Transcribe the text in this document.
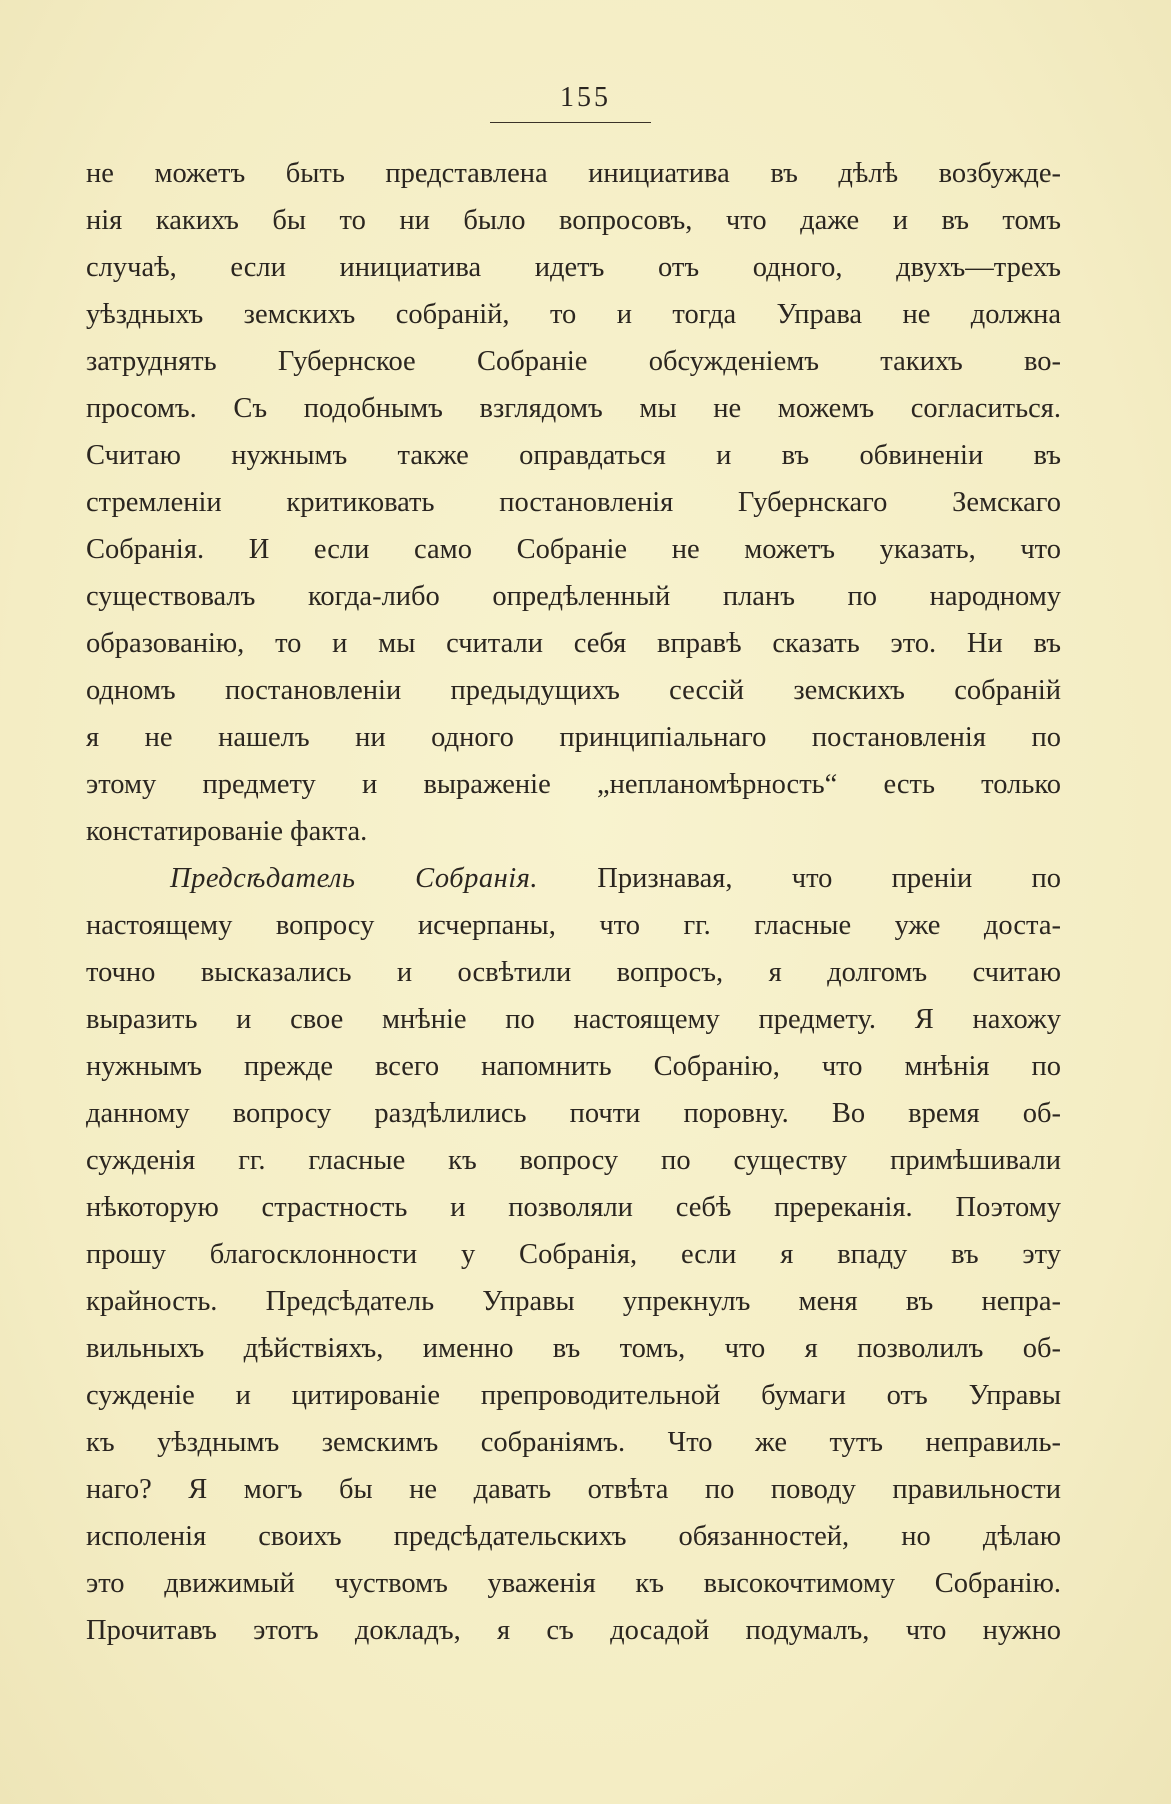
155
не можетъ быть представлена инициатива въ дѣлѣ возбужде-
нія какихъ бы то ни было вопросовъ, что даже и въ томъ
случаѣ, если инициатива идетъ отъ одного, двухъ—трехъ
уѣздныхъ земскихъ собраній, то и тогда Управа не должна
затруднять Губернское Собраніе обсужденіемъ такихъ во-
просомъ. Съ подобнымъ взглядомъ мы не можемъ согласиться.
Считаю нужнымъ также оправдаться и въ обвиненіи въ
стремленіи критиковать постановленія Губернскаго Земскаго
Собранія. И если само Собраніе не можетъ указать, что
существовалъ когда-либо опредѣленный планъ по народному
образованію, то и мы считали себя вправѣ сказать это. Ни въ
одномъ постановленіи предыдущихъ сессій земскихъ собраній
я не нашелъ ни одного принципіальнаго постановленія по
этому предмету и выраженіе „непланомѣрность“ есть только
констатированіе факта.
Предсѣдатель Собранія. Признавая, что преніи по
настоящему вопросу исчерпаны, что гг. гласные уже доста-
точно высказались и освѣтили вопросъ, я долгомъ считаю
выразить и свое мнѣніе по настоящему предмету. Я нахожу
нужнымъ прежде всего напомнить Собранію, что мнѣнія по
данному вопросу раздѣлились почти поровну. Во время об-
сужденія гг. гласные къ вопросу по существу примѣшивали
нѣкоторую страстность и позволяли себѣ пререканія. Поэтому
прошу благосклонности у Собранія, если я впаду въ эту
крайность. Предсѣдатель Управы упрекнулъ меня въ непра-
вильныхъ дѣйствіяхъ, именно въ томъ, что я позволилъ об-
сужденіе и цитированіе препроводительной бумаги отъ Управы
къ уѣзднымъ земскимъ собраніямъ. Что же тутъ неправиль-
наго? Я могъ бы не давать отвѣта по поводу правильности
исполенія своихъ предсѣдательскихъ обязанностей, но дѣлаю
это движимый чуствомъ уваженія къ высокочтимому Собранію.
Прочитавъ этотъ докладъ, я съ досадой подумалъ, что нужно
